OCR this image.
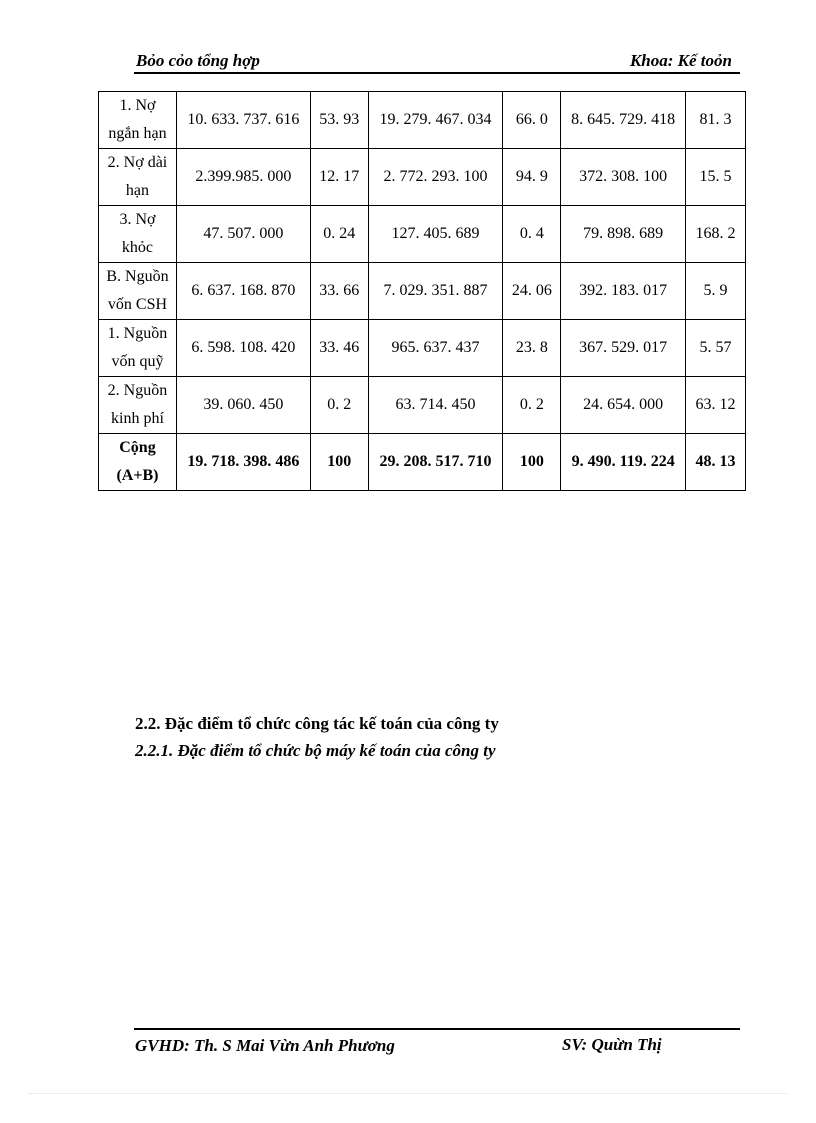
Bỏo cỏo tổng hợp	Khoa: Kế toỏn
1. Nợ ngắn hạn	10. 633. 737. 616	53. 93	19. 279. 467. 034	66. 0	8. 645. 729. 418	81. 3
2. Nợ dài hạn	2.399.985. 000	12. 17	2. 772. 293. 100	94. 9	372. 308. 100	15. 5
3. Nợ khỏc	47. 507. 000	0. 24	127. 405. 689	0. 4	79. 898. 689	168. 2
B. Nguồn vốn CSH	6. 637. 168. 870	33. 66	7. 029. 351. 887	24. 06	392. 183. 017	5. 9
1. Nguồn vốn quỹ	6. 598. 108. 420	33. 46	965. 637. 437	23. 8	367. 529. 017	5. 57
2. Nguồn kinh phí	39. 060. 450	0. 2	63. 714. 450	0. 2	24. 654. 000	63. 12
Cộng (A+B)	19. 718. 398. 486	100	29. 208. 517. 710	100	9. 490. 119. 224	48. 13
2.2. Đặc điểm tổ chức công tác kế toán của công ty
2.2.1. Đặc điểm tổ chức bộ máy kế toán của công ty
GVHD: Th. S Mai Vừn Anh Phương	SV: Quừn Thị
